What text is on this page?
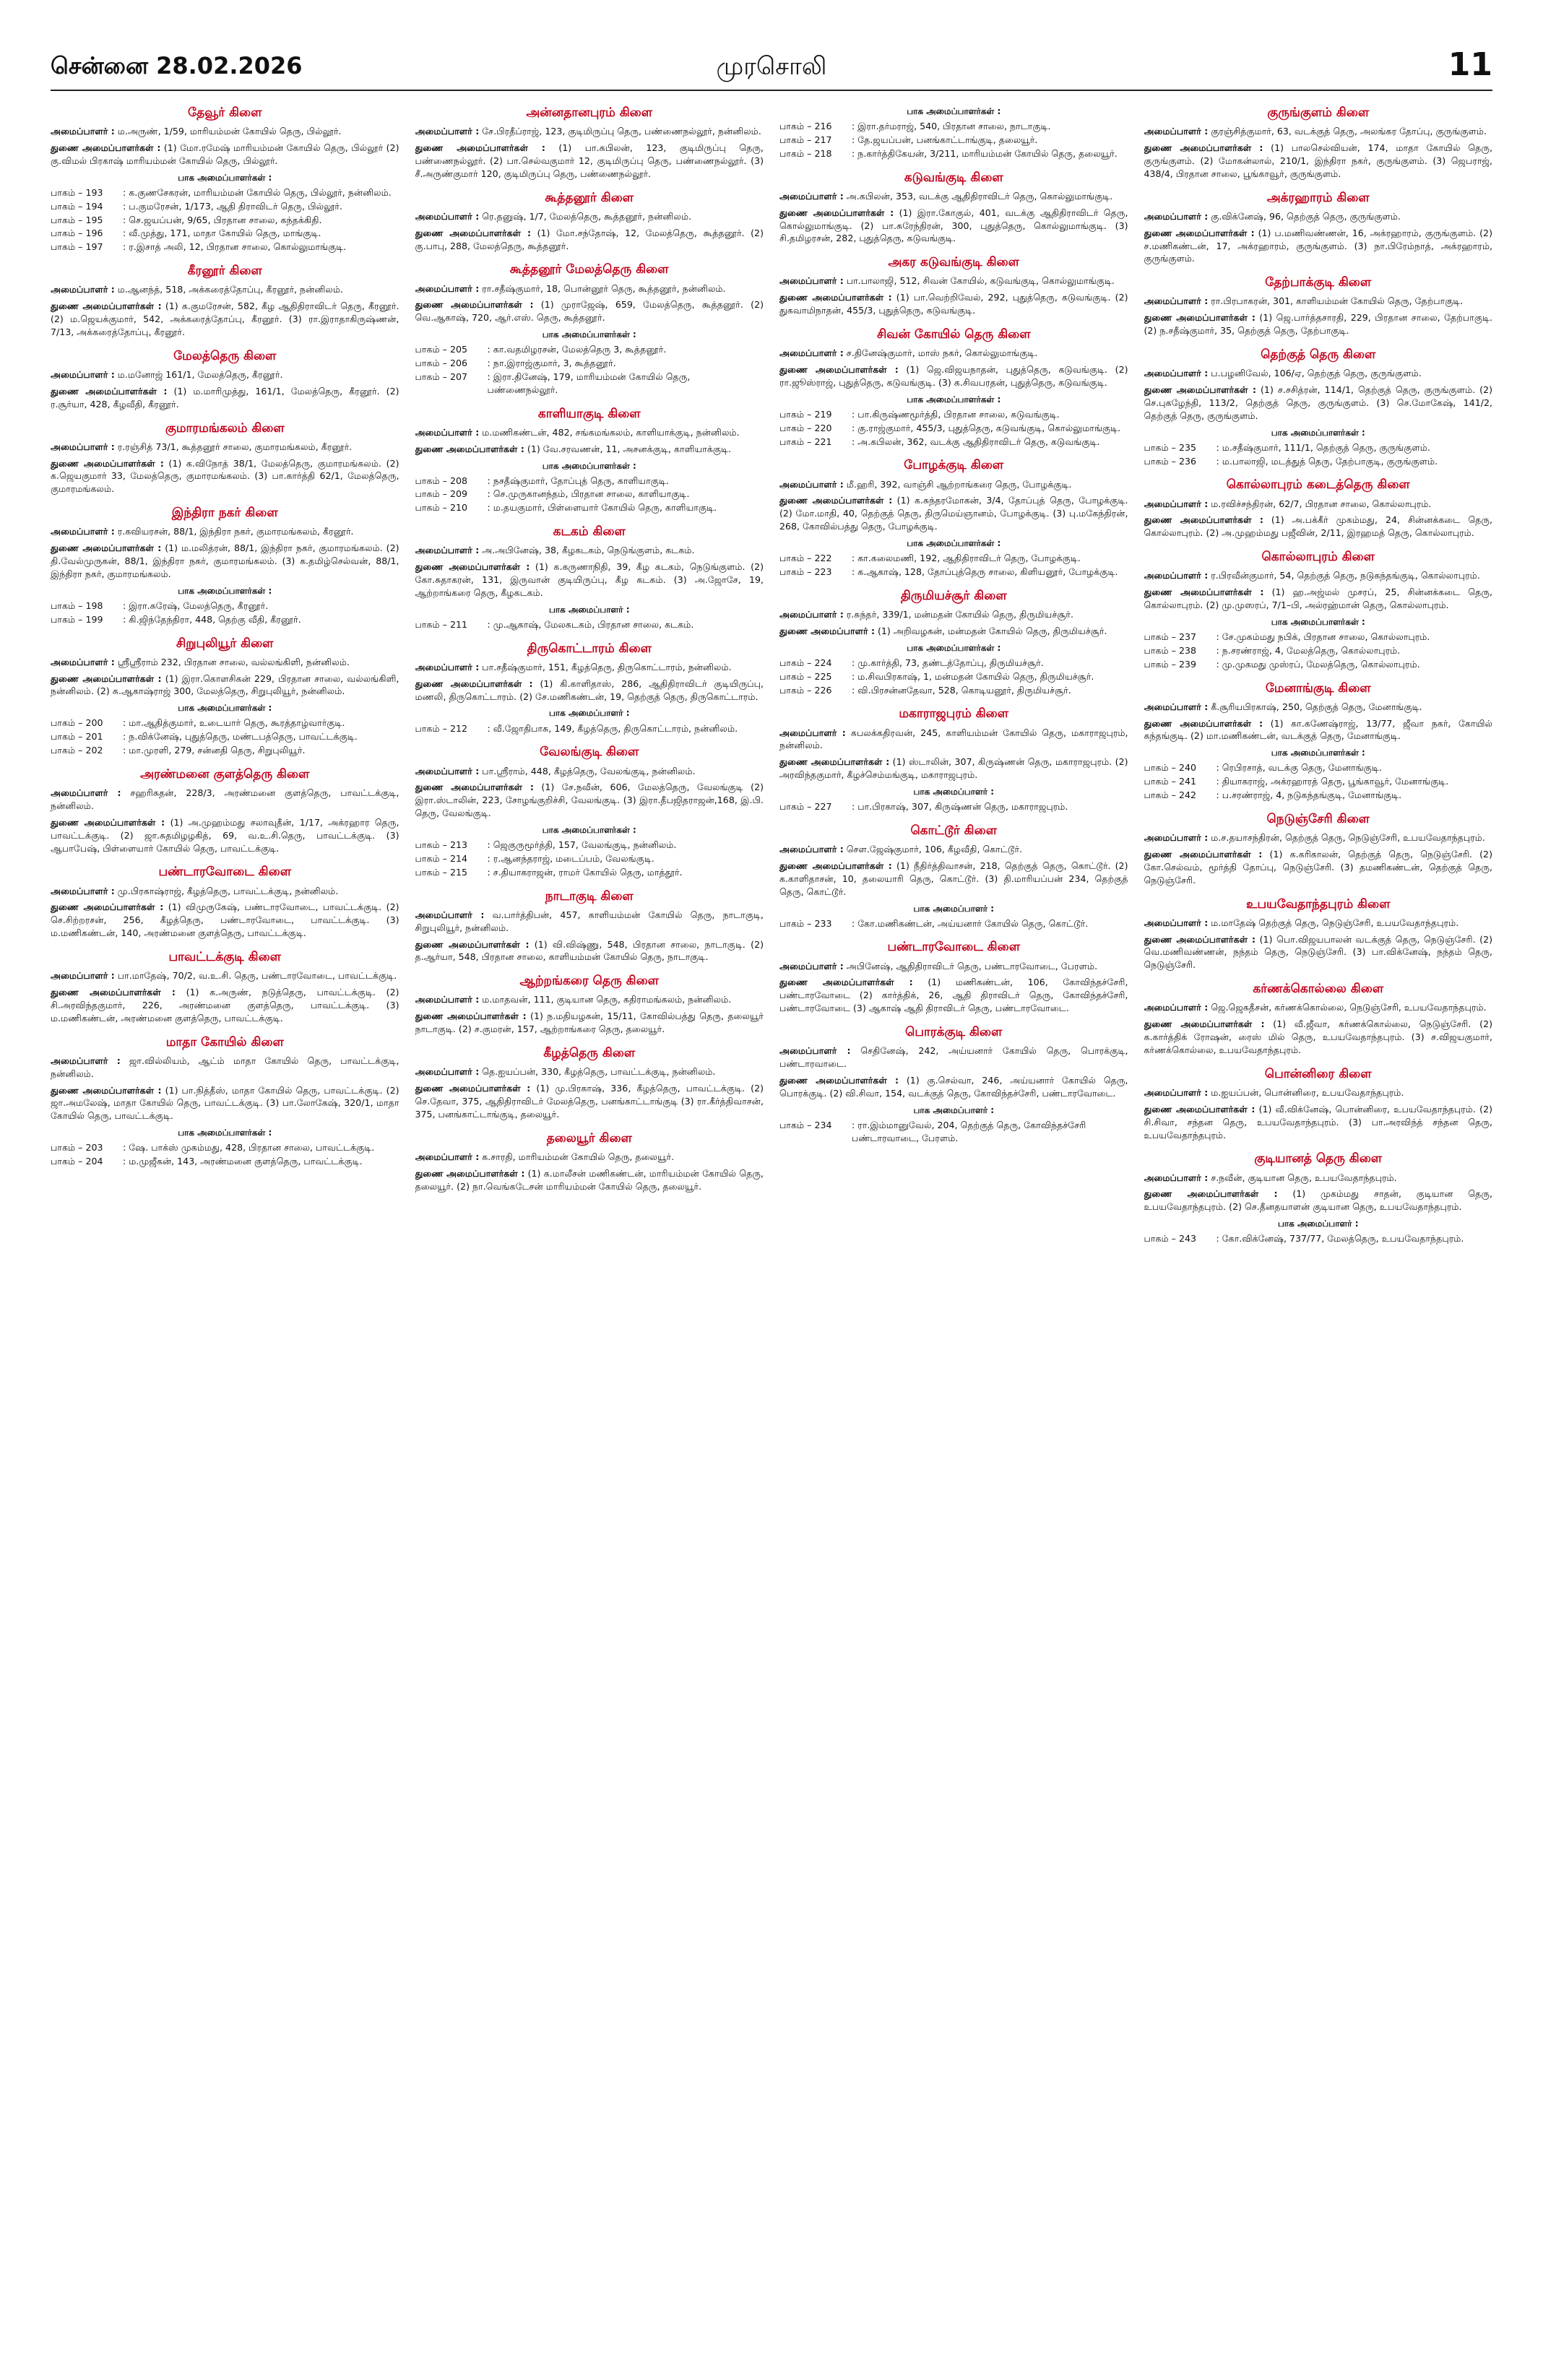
சென்னை 28.02.2026	முரசொலி	11
தேவூர் கிளை
அமைப்பாளர் : ம.அருண், 1/59, மாரியம்மன் கோயில் தெரு, பில்லூர்.
துணை அமைப்பாளர்கள் : (1) மோ.ரமேஷ் மாரியம்மன் கோயில் தெரு, பில்லூர் (2) கு.விமல் பிரகாஷ் மாரியம்மன் கோயில் தெரு, பில்லூர்.
பாக அமைப்பாளர்கள் :
பாகம் – 193	: க.குணசேகரன், மாரியம்மன் கோயில் தெரு, பில்லூர், நன்னிலம்.
பாகம் – 194	: ப.குமரேசன், 1/173, ஆதி திராவிடர் தெரு, பில்லூர்.
பாகம் – 195	: செ.ஜயப்பன், 9/65, பிரதான சாலை, கந்தக்கிதி.
பாகம் – 196	: வீ.முத்து, 171, மாதா கோயில் தெரு, மாங்குடி.
பாகம் – 197	: ர.இசாத் அலி, 12, பிரதான சாலை, கொல்லுமாங்குடி.
கீரனூர் கிளை
அமைப்பாளர் : ம.ஆனந்த், 518, அக்கரைத்தோப்பு, கீரனூர், நன்னிலம்.
துணை அமைப்பாளர்கள் : (1) க.குமரேசன், 582, கீழ ஆதிதிராவிடர் தெரு, கீரனூர். (2) ம.ஜெயக்குமார், 542, அக்கரைத்தோப்பு, கீரனூர். (3) ரா.இராதாகிருஷ்ணன், 7/13, அக்கரைத்தோப்பு, கீரனூர்.
மேலத்தெரு கிளை
அமைப்பாளர் : ம.மனோஜ் 161/1, மேலத்தெரு, கீரனூர்.
துணை அமைப்பாளர்கள் : (1) ம.மாரிமுத்து, 161/1, மேலத்தெரு, கீரனூர். (2) ர.சூர்யா, 428, கீழவீதி, கீரனூர்.
குமாரமங்கலம் கிளை
அமைப்பாளர் : ர.ரஞ்சித் 73/1, கூத்தனூர் சாலை, குமாரமங்கலம், கீரனூர்.
துணை அமைப்பாளர்கள் : (1) க.விநோத் 38/1, மேலத்தெரு, குமாரமங்கலம். (2) க.ஜெயகுமார் 33, மேலத்தெரு, குமாரமங்கலம். (3) பா.கார்த்தி 62/1, மேலத்தெரு, குமாரமங்கலம்.
இந்திரா நகர் கிளை
அமைப்பாளர் : ர.கவியரசன், 88/1, இந்திரா நகர், குமாரமங்கலம், கீரனூர்.
துணை அமைப்பாளர்கள் : (1) ம.மலித்ரன், 88/1, இந்திரா நகர், குமாரமங்கலம். (2) தி.வேல்முருகன், 88/1, இந்திரா நகர், குமாரமங்கலம். (3) க.தமிழ்செல்வன், 88/1, இந்திரா நகர், குமாரமங்கலம்.
பாக அமைப்பாளர்கள் :
பாகம் – 198	: இரா.சுரேஷ், மேலத்தெரு, கீரனூர்.
பாகம் – 199	: கி.ஜிந்தேந்திரா, 448, தெற்கு வீதி, கீரனூர்.
சிறுபுலியூர் கிளை
அமைப்பாளர் : ஸ்ரீஸ்ரீராம் 232, பிரதான சாலை, வல்லங்கிளி, நன்னிலம்.
துணை அமைப்பாளர்கள் : (1) இரா.கொளசிகன் 229, பிரதான சாலை, வல்லங்கிளி, நன்னிலம். (2) சு.ஆகாஷ்ராஜ் 300, மேலத்தெரு, சிறுபுலியூர், நன்னிலம்.
பாக அமைப்பாளர்கள் :
பாகம் – 200	: மா.ஆதித்குமார், உடையார் தெரு, கூரத்தாழ்வார்குடி.
பாகம் – 201	: ந.விக்னேஷ், புதுத்தெரு, மண்டபத்தெரு, பாவட்டக்குடி.
பாகம் – 202	: மா.முரளி, 279, சன்னதி தெரு, சிறுபுலியூர்.
அரண்மனை குளத்தெரு கிளை
அமைப்பாளர் : சஹரிசுதன், 228/3, அரண்மனை குளத்தெரு, பாவட்டக்குடி, நன்னிலம்.
துணை அமைப்பாளர்கள் : (1) அ.முஹம்மது சலாவுதீன், 1/17, அக்ரஹார தெரு, பாவட்டக்குடி. (2) ஜா.சுதமிழழகித், 69, வ.உ.சி.தெரு, பாவட்டக்குடி. (3) ஆபாபேஷ், பிள்ளையார் கோயில் தெரு, பாவட்டக்குடி.
பண்டாரவோடை கிளை
அமைப்பாளர் : மு.பிரகாஷ்ராஜ், கீழத்தெரு, பாவட்டக்குடி, நன்னிலம்.
துணை அமைப்பாளர்கள் : (1) விமுருகேஷ், பண்டாரவோடை, பாவட்டக்குடி. (2) செ.சிற்றரசன், 256, கீழத்தெரு, பண்டாரவோடை, பாவட்டக்குடி. (3) ம.மணிகண்டன், 140, அரண்மனை குளத்தெரு, பாவட்டக்குடி.
பாவட்டக்குடி கிளை
அமைப்பாளர் : பா.மாதேஷ், 70/2, வ.உ.சி. தெரு, பண்டாரவோடை, பாவட்டக்குடி.
துணை அமைப்பாளர்கள் : (1) க.அருண், நடுத்தெரு, பாவட்டக்குடி. (2) சி.அரவிந்தகுமார், 226, அரண்மனை குளத்தெரு, பாவட்டக்குடி. (3) ம.மணிகண்டன், அரண்மனை குளத்தெரு, பாவட்டக்குடி.
மாதா கோயில் கிளை
அமைப்பாளர் : ஜா.வில்லியம், ஆட்ம் மாதா கோயில் தெரு, பாவட்டக்குடி, நன்னிலம்.
துணை அமைப்பாளர்கள் : (1) பா.நித்தீஸ், மாதா கோயில் தெரு, பாவட்டக்குடி. (2) ஜா.அமலேஷ், மாதா கோயில் தெரு, பாவட்டக்குடி. (3) பா.லோகேஷ், 320/1, மாதா கோயில் தெரு, பாவட்டக்குடி.
பாக அமைப்பாளர்கள் :
பாகம் – 203	: ஷே. பாக்ஸ் முகம்மது, 428, பிரதான சாலை, பாவட்டக்குடி.
பாகம் – 204	: ம.முஜீகன், 143, அரண்மனை குளத்தெரு, பாவட்டக்குடி.
அன்னதானபுரம் கிளை
அமைப்பாளர் : சே.பிரதீப்ராஜ், 123, குடிமிருப்பு தெரு, பண்ணைநல்லூர், நன்னிலம்.
துணை அமைப்பாளர்கள் : (1) பா.கபிலன், 123, குடிமிருப்பு தெரு, பண்ணைநல்லூர். (2) பா.செல்வகுமார் 12, குடிமிருப்பு தெரு, பண்ணைநல்லூர். (3) சீ.அருண்குமார் 120, குடிமிருப்பு தெரு, பண்ணைநல்லூர்.
கூத்தனூர் கிளை
அமைப்பாளர் : ரெ.தனுஷ், 1/7, மேலத்தெரு, கூத்தனூர், நன்னிலம்.
துணை அமைப்பாளர்கள் : (1) மோ.சந்தோஷ், 12, மேலத்தெரு, கூத்தனூர். (2) கு.பாபு, 288, மேலத்தெரு, கூத்தனூர்.
கூத்தனூர் மேலத்தெரு கிளை
அமைப்பாளர் : ரா.சதீஷ்குமார், 18, பொன்னூர் தெரு, கூத்தனூர், நன்னிலம்.
துணை அமைப்பாளர்கள் : (1) முராஜேஷ், 659, மேலத்தெரு, கூத்தனூர். (2) வெ.ஆகாஷ், 720, ஆர்.எஸ். தெரு, கூத்தனூர்.
பாக அமைப்பாளர்கள் :
பாகம் – 205	: கா.வதமிழரசன், மேலத்தெரு 3, கூத்தனூர்.
பாகம் – 206	: நா.இராஜ்குமார், 3, கூத்தனூர்.
பாகம் – 207	: இரா.தினேஷ், 179, மாரியம்மன் கோயில் தெரு, பண்ணைநல்லூர்.
காளியாகுடி கிளை
அமைப்பாளர் : ம.மணிகண்டன், 482, சங்கமங்கலம், காளியாக்குடி, நன்னிலம்.
துணை அமைப்பாளர்கள் : (1) வே.சரவணன், 11, அசனக்குடி, காளியாக்குடி.
பாக அமைப்பாளர்கள் :
பாகம் – 208	: நசதீஷ்குமார், தோப்புத் தெரு, காளியாகுடி.
பாகம் – 209	: செ.முருகானந்தம், பிரதான சாலை, காளியாகுடி.
பாகம் – 210	: ம.தயகுமார், பிள்ளையார் கோயில் தெரு, காளியாகுடி.
கடகம் கிளை
அமைப்பாளர் : அ.அபினேஷ், 38, கீழகடகம், நெடுங்குளம், கடகம்.
துணை அமைப்பாளர்கள் : (1) க.கருணாநிதி, 39, கீழ கடகம், நெடுங்குளம். (2) கோ.சுதாகரன், 131, இருவான் குடியிருப்பு, கீழ கடகம். (3) அ.ஜோசே, 19, ஆற்றாங்கரை தெரு, கீழகடகம்.
பாக அமைப்பாளர் :
பாகம் – 211	: மு.ஆகாஷ், மேலகடகம், பிரதான சாலை, கடகம்.
திருகொட்டாரம் கிளை
அமைப்பாளர் : பா.சதீஷ்குமார், 151, கீழத்தெரு, திருகொட்டாரம், நன்னிலம்.
துணை அமைப்பாளர்கள் : (1) கி.காளிதாஸ், 286, ஆதிதிராவிடர் குடியிருப்பு, மணலி, திருகொட்டாரம். (2) சே.மணிகண்டன், 19, தெற்குத் தெரு, திருகொட்டாரம்.
பாக அமைப்பாளர் :
பாகம் – 212	: வீ.ஜோதிபாசு, 149, கீழத்தெரு, திருகொட்டாரம், நன்னிலம்.
வேலங்குடி கிளை
அமைப்பாளர் : பா.ஸ்ரீராம், 448, கீழத்தெரு, வேலங்குடி, நன்னிலம்.
துணை அமைப்பாளர்கள் : (1) சே.நவீன், 606, மேலத்தெரு, வேலங்குடி (2) இரா.ஸ்டாலின், 223, சோழங்குறிச்சி, வேலங்குடி. (3) இரா.தீபஜிதராஜன்,168, இ.பி. தெரு, வேலங்குடி.
பாக அமைப்பாளர்கள் :
பாகம் – 213	: ஜெகுருமூர்த்தி, 157, வேலங்குடி, நன்னிலம்.
பாகம் – 214	: ர.ஆனந்தராஜ், மடைப்பம், வேலங்குடி.
பாகம் – 215	: ச.தியாகராஜன், ராமர் கோயில் தெரு, மாத்தூர்.
நாடாகுடி கிளை
அமைப்பாளர் : வ.பார்த்திபன், 457, காளியம்மன் கோயில் தெரு, நாடாகுடி, சிறுபுலியூர், நன்னிலம்.
துணை அமைப்பாளர்கள் : (1) வி.விஷ்ணு, 548, பிரதான சாலை, நாடாகுடி. (2) த.ஆர்யா, 548, பிரதான சாலை, காளியம்மன் கோயில் தெரு, நாடாகுடி.
ஆற்றங்கரை தெரு கிளை
அமைப்பாளர் : ம.மாதவன், 111, குடியான தெரு, கதிராமங்கலம், நன்னிலம்.
துணை அமைப்பாளர்கள் : (1) ந.மதியழகன், 15/11, கோவில்பத்து தெரு, தலையூர் நாடாகுடி. (2) ச.குமரன், 157, ஆற்றாங்கரை தெரு, தலையூர்.
கீழத்தெரு கிளை
அமைப்பாளர் : தெ.ஐயப்பன், 330, கீழத்தெரு, பாவட்டக்குடி, நன்னிலம்.
துணை அமைப்பாளர்கள் : (1) மு.பிரகாஷ், 336, கீழத்தெரு, பாவட்டக்குடி. (2) செ.தேவா, 375, ஆதிதிராவிடர் மேலத்தெரு, பனங்காட்டாங்குடி (3) ரா.கீர்த்திவாசன், 375, பனங்காட்டாங்குடி, தலையூர்.
தலையூர் கிளை
அமைப்பாளர் : க.சாரதி, மாரியம்மன் கோயில் தெரு, தலையூர்.
துணை அமைப்பாளர்கள் : (1) க.மாலீசன் மணிகண்டன், மாரியம்மன் கோயில் தெரு, தலையூர். (2) நா.வெங்கடேசன் மாரியம்மன் கோயில் தெரு, தலையூர்.
பாக அமைப்பாளர்கள் :
பாகம் – 216	: இரா.தர்மராஜ், 540, பிரதான சாலை, நாடாகுடி.
பாகம் – 217	: தே.ஜயப்பன், பனங்காட்டாங்குடி, தலையூர்.
பாகம் – 218	: ந.கார்த்திகேயன், 3/211, மாரியம்மன் கோயில் தெரு, தலையூர்.
கடுவங்குடி கிளை
அமைப்பாளர் : அ.கபிலன், 353, வடக்கு ஆதிதிராவிடர் தெரு, கொல்லுமாங்குடி.
துணை அமைப்பாளர்கள் : (1) இரா.கோகுல், 401, வடக்கு ஆதிதிராவிடர் தெரு, கொல்லுமாங்குடி. (2) பா.சுரேந்திரன், 300, புதுத்தெரு, கொல்லுமாங்குடி. (3) சி.தமிழரசன், 282, புதுத்தெரு, கடுவங்குடி.
அகர கடுவங்குடி கிளை
அமைப்பாளர் : பா.பாலாஜி, 512, சிவன் கோயில், கடுவங்குடி, கொல்லுமாங்குடி.
துணை அமைப்பாளர்கள் : (1) பா.வெற்றிவேல், 292, புதுத்தெரு, கடுவங்குடி. (2) துகவாமிநாதன், 455/3, புதுத்தெரு, கடுவங்குடி.
சிவன் கோயில் தெரு கிளை
அமைப்பாளர் : ச.தினேஷ்குமார், மாஸ் நகர், கொல்லுமாங்குடி.
துணை அமைப்பாளர்கள் : (1) ஜெ.விஜயநாதன், புதுத்தெரு, கடுவங்குடி. (2) ரா.ஜூஸ்ராஜ், புதுத்தெரு, கடுவங்குடி. (3) க.சிவபரதன், புதுத்தெரு, கடுவங்குடி.
பாக அமைப்பாளர்கள் :
பாகம் – 219	: பா.கிருஷ்ணமூர்த்தி, பிரதான சாலை, கடுவங்குடி.
பாகம் – 220	: கு.ராஜ்குமார், 455/3, புதுத்தெரு, கடுவங்குடி, கொல்லுமாங்குடி.
பாகம் – 221	: அ.கபிலன், 362, வடக்கு ஆதிதிராவிடர் தெரு, கடுவங்குடி.
போழக்குடி கிளை
அமைப்பாளர் : மீ.ஹரி, 392, வாஞ்சி ஆற்றாங்கரை தெரு, போழக்குடி.
துணை அமைப்பாளர்கள் : (1) க.சுந்தரமோகன், 3/4, தோப்புத் தெரு, போழக்குடி. (2) மோ.மாதி, 40, தெற்குத் தெரு, திருமெய்ஞானம், போழக்குடி. (3) பு.மகேந்திரன், 268, கோவில்பத்து தெரு, போழக்குடி.
பாக அமைப்பாளர்கள் :
பாகம் – 222	: கா.கலைமணி, 192, ஆதிதிராவிடர் தெரு, போழக்குடி.
பாகம் – 223	: க.ஆகாஷ், 128, தோப்புத்தெரு சாலை, கிளியனூர், போழக்குடி.
திருமியச்சூர் கிளை
அமைப்பாளர் : ர.சுந்தர், 339/1, மன்மதன் கோயில் தெரு, திருமியச்சூர்.
துணை அமைப்பாளர் : (1) அறிவழகன், மன்மதன் கோயில் தெரு, திருமியச்சூர்.
பாக அமைப்பாளர்கள் :
பாகம் – 224	: மு.கார்த்தி, 73, தண்டத்தோப்பு, திருமியச்சூர்.
பாகம் – 225	: ம.சிவபிரகாஷ், 1, மன்மதன் கோயில் தெரு, திருமியச்சூர்.
பாகம் – 226	: வி.பிரசன்னதேவா, 528, கொடியனூர், திருமியச்சூர்.
மகாராஜபுரம் கிளை
அமைப்பாளர் : சுபலக்கதிரவன், 245, காளியம்மன் கோயில் தெரு, மகாராஜபுரம், நன்னிலம்.
துணை அமைப்பாளர்கள் : (1) ஸ்டாலின், 307, கிருஷ்ணன் தெரு, மகாராஜபுரம். (2) அரவிந்தகுமார், கீழச்செம்மங்குடி, மகாராஜபுரம்.
பாக அமைப்பாளர் :
பாகம் – 227	: பா.பிரகாஷ், 307, கிருஷ்ணன் தெரு, மகாராஜபுரம்.
கொட்டூர் கிளை
அமைப்பாளர் : சௌ.ஜேஷ்குமார், 106, கீழவீதி, கொட்டூர்.
துணை அமைப்பாளர்கள் : (1) நீதிர்த்திவாசன், 218, தெற்குத் தெரு, கொட்டூர். (2) க.காளிதாசன், 10, தலையாரி தெரு, கொட்டூர். (3) தி.மாரியப்பன் 234, தெற்குத் தெரு, கொட்டூர்.
பாக அமைப்பாளர் :
பாகம் – 233	: கோ.மணிகண்டன், அய்யனார் கோயில் தெரு, கொட்டூர்.
பண்டாரவோடை கிளை
அமைப்பாளர் : அபினேஷ், ஆதிதிராவிடர் தெரு, பண்டாரவோடை, பேரளம்.
துணை அமைப்பாளர்கள் : (1) மணிகண்டன், 106, கோவிந்தச்சேரி, பண்டாரவோடை (2) கார்த்திக், 26, ஆதி திராவிடர் தெரு, கோவிந்தச்சேரி, பண்டாரவோடை (3) ஆகாஷ் ஆதி திராவிடர் தெரு, பண்டாரவோடை.
பொரக்குடி கிளை
அமைப்பாளர் : செதினேஷ், 242, அய்யனார் கோயில் தெரு, பொரக்குடி, பண்டாரவாடை.
துணை அமைப்பாளர்கள் : (1) கு.செல்வா, 246, அய்யனார் கோயில் தெரு, பொரக்குடி. (2) வி.சிவா, 154, வடக்குத் தெரு, கோவிந்தச்சேரி, பண்டாரவோடை.
பாக அமைப்பாளர் :
பாகம் – 234	: ரா.இம்மானுவேல், 204, தெற்குத் தெரு, கோவிந்தச்சேரி பண்டாரவாடை, பேரளம்.
குருங்குளம் கிளை
அமைப்பாளர் : குரஞ்சித்குமார், 63, வடக்குத் தெரு, அலங்கர தோப்பு, குருங்குளம்.
துணை அமைப்பாளர்கள் : (1) பாலசெல்வியன், 174, மாதா கோயில் தெரு, குருங்குளம். (2) மோகன்லால், 210/1, இந்திரா நகர், குருங்குளம். (3) ஜெபராஜ், 438/4, பிரதான சாலை, பூங்காவூர், குருங்குளம்.
அக்ரஹாரம் கிளை
அமைப்பாளர் : கு.விக்னேஷ், 96, தெற்குத் தெரு, குருங்குளம்.
துணை அமைப்பாளர்கள் : (1) ப.மணிவண்ணன், 16, அக்ரஹாரம், குருங்குளம். (2) ச.மணிகண்டன், 17, அக்ரஹாரம், குருங்குளம். (3) நா.பிரேம்நாத், அக்ரஹாரம், குருங்குளம்.
தேற்பாக்குடி கிளை
அமைப்பாளர் : ரா.பிரபாகரன், 301, காளியம்மன் கோயில் தெரு, தேற்பாகுடி.
துணை அமைப்பாளர்கள் : (1) ஜெ.பார்த்தசாரதி, 229, பிரதான சாலை, தேற்பாகுடி. (2) ந.சதீஷ்குமார், 35, தெற்குத் தெரு, தேற்பாகுடி.
தெற்குத் தெரு கிளை
அமைப்பாளர் : ப.பழனிவேல், 106/ஏ, தெற்குத் தெரு, குருங்குளம்.
துணை அமைப்பாளர்கள் : (1) ச.சசித்ரன், 114/1, தெற்குத் தெரு, குருங்குளம். (2) செ.புகழேந்தி, 113/2, தெற்குத் தெரு, குருங்குளம். (3) செ.மோகேஷ், 141/2, தெற்குத் தெரு, குருங்குளம்.
பாக அமைப்பாளர்கள் :
பாகம் – 235	: ம.சதீஷ்குமார், 111/1, தெற்குத் தெரு, குருங்குளம்.
பாகம் – 236	: ம.பாலாஜி, மடத்துத் தெரு, தேற்பாகுடி, குருங்குளம்.
கொல்லாபுரம் கடைத்தெரு கிளை
அமைப்பாளர் : ம.ரவிச்சந்திரன், 62/7, பிரதான சாலை, கொல்லாபுரம்.
துணை அமைப்பாளர்கள் : (1) அ.பக்கீர் முகம்மது, 24, சின்னக்கடை தெரு, கொல்லாபுரம். (2) அ.முஹம்மது பஜீவின், 2/11, இரஹமத் தெரு, கொல்லாபுரம்.
கொல்லாபுரம் கிளை
அமைப்பாளர் : ர.பிரவீன்குமார், 54, தெற்குத் தெரு, நடுகந்தங்குடி, கொல்லாபுரம்.
துணை அமைப்பாளர்கள் : (1) ஹ.அஜ்மல் முசரப், 25, சின்னக்கடை தெரு, கொல்லாபுரம். (2) மு.முஸரப், 7/1–பி, அல்ரஹ்மான் தெரு, கொல்லாபுரம்.
பாக அமைப்பாளர்கள் :
பாகம் – 237	: சே.முகம்மது நபிக், பிரதான சாலை, கொல்லாபுரம்.
பாகம் – 238	: ந.சரண்ராஜ், 4, மேலத்தெரு, கொல்லாபுரம்.
பாகம் – 239	: மு.முகமது முஸ்ரப், மேலத்தெரு, கொல்லாபுரம்.
மேனாங்குடி கிளை
அமைப்பாளர் : கீ.சூரியபிரகாஷ், 250, தெற்குத் தெரு, மேனாங்குடி.
துணை அமைப்பாளர்கள் : (1) கா.கணேஷ்ராஜ், 13/77, ஜீவா நகர், கோயில் கந்தங்குடி. (2) மா.மணிகண்டன், வடக்குத் தெரு, மேனாங்குடி.
பாக அமைப்பாளர்கள் :
பாகம் – 240	: ரெபிரசாத், வடக்கு தெரு, மேனாங்குடி.
பாகம் – 241	: தியாகராஜ், அக்ரஹாரத் தெரு, பூங்காவூர், மேனாங்குடி.
பாகம் – 242	: ப.சரண்ராஜ், 4, நடுகந்தங்குடி, மேனாங்குடி.
நெடுஞ்சேரி கிளை
அமைப்பாளர் : ம.ச.தயாசந்திரன், தெற்குத் தெரு, நெடுஞ்சேரி, உபயவேதாந்தபுரம்.
துணை அமைப்பாளர்கள் : (1) க.கரிகாலன், தெற்குத் தெரு, நெடுஞ்சேரி. (2) கோ.செல்வம், மூர்த்தி தோப்பு, நெடுஞ்சேரி. (3) தமணிகண்டன், தெற்குத் தெரு, நெடுஞ்சேரி.
உபயவேதாந்தபுரம் கிளை
அமைப்பாளர் : ம.மாதேஷ் தெற்குத் தெரு, நெடுஞ்சேரி, உபயவேதாந்தபுரம்.
துணை அமைப்பாளர்கள் : (1) பொ.விஜயபாலன் வடக்குத் தெரு, நெடுஞ்சேரி. (2) வெ.மணிவண்ணன், நந்தம் தெரு, நெடுஞ்சேரி. (3) பா.விக்னேஷ், நந்தம் தெரு, நெடுஞ்சேரி.
கர்ணக்கொல்லை கிளை
அமைப்பாளர் : ஜெ.ஜெகதீசன், கர்ணக்கொல்லை, நெடுஞ்சேரி, உபயவேதாந்தபுரம்.
துணை அமைப்பாளர்கள் : (1) வீ.ஜீவா, கர்ணக்கொல்லை, நெடுஞ்சேரி. (2) க.கார்த்திக் ரோஷன், ரைஸ் மில் தெரு, உபயவேதாந்தபுரம். (3) ச.விஜயகுமார், கர்ணக்கொல்லை, உபயவேதாந்தபுரம்.
பொன்னிரை கிளை
அமைப்பாளர் : ம.ஐயப்பன், பொன்னிரை, உபயவேதாந்தபுரம்.
துணை அமைப்பாளர்கள் : (1) வீ.விக்னேஷ், பொன்னிரை, உபயவேதாந்தபுரம். (2) சி.சிவா, சந்தன தெரு, உபயவேதாந்தபுரம். (3) பா.அரவிந்த் சந்தன தெரு, உபயவேதாந்தபுரம்.
குடியானத் தெரு கிளை
அமைப்பாளர் : ச.நவீன், குடியான தெரு, உபயவேதாந்தபுரம்.
துணை அமைப்பாளர்கள் : (1) முகம்மது சாதன், குடியான தெரு, உபயவேதாந்தபுரம். (2) செ.தீனதயாளன் குடியான தெரு, உபயவேதாந்தபுரம்.
பாக அமைப்பாளர் :
பாகம் – 243	: கோ.விக்னேஷ், 737/77, மேலத்தெரு, உபயவேதாந்தபுரம்.
